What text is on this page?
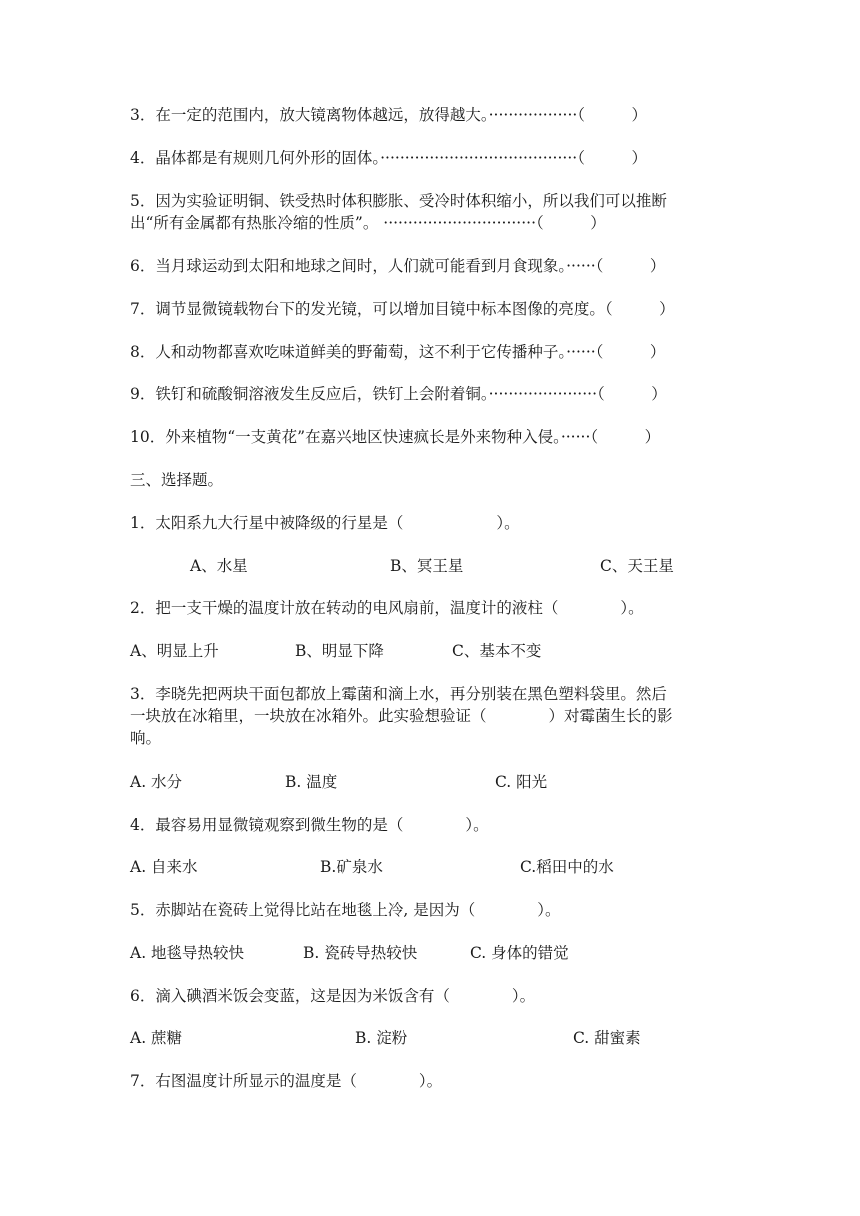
3．在一定的范围内，放大镜离物体越远，放得越大。··················（　　　）

4．晶体都是有规则几何外形的固体。········································（　　　）

5．因为实验证明铜、铁受热时体积膨胀、受冷时体积缩小，所以我们可以推断

出“所有金属都有热胀冷缩的性质”。 ·······························（　　　）

6．当月球运动到太阳和地球之间时，人们就可能看到月食现象。······（　　　）

7．调节显微镜载物台下的发光镜，可以增加目镜中标本图像的亮度。（　　　）

8．人和动物都喜欢吃味道鲜美的野葡萄，这不利于它传播种子。······（　　　）

9．铁钉和硫酸铜溶液发生反应后，铁钉上会附着铜。······················（　　　）

10．外来植物“一支黄花”在嘉兴地区快速疯长是外来物种入侵。······（　　　）

三、选择题。

1．太阳系九大行星中被降级的行星是（　　　　　　）。

A、水星	B、冥王星	C、天王星

2．把一支干燥的温度计放在转动的电风扇前，温度计的液柱（　　　　）。

A、明显上升	B、明显下降	C、基本不变

3．李晓先把两块干面包都放上霉菌和滴上水，再分别装在黑色塑料袋里。然后

一块放在冰箱里，一块放在冰箱外。此实验想验证（　　　　）对霉菌生长的影

响。

A. 水分	B. 温度	C. 阳光

4．最容易用显微镜观察到微生物的是（　　　　）。

A. 自来水	B.矿泉水	C.稻田中的水

5．赤脚站在瓷砖上觉得比站在地毯上冷, 是因为（　　　　）。

A. 地毯导热较快	B. 瓷砖导热较快	C. 身体的错觉

6．滴入碘酒米饭会变蓝，这是因为米饭含有（　　　　）。

A. 蔗糖	B. 淀粉	C. 甜蜜素

7．右图温度计所显示的温度是（　　　　）。
